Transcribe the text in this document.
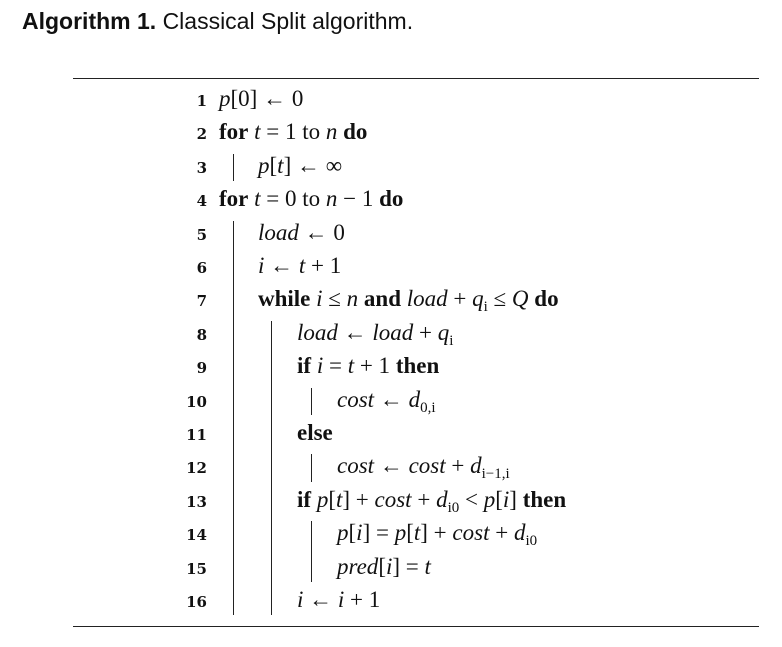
Algorithm 1. Classical Split algorithm.
1 p[0] ← 0
2 for t = 1 to n do
3 p[t] ← ∞
4 for t = 0 to n − 1 do
5 load ← 0
6 i ← t + 1
7 while i ≤ n and load + $q_i \le Q$ do
8	load ← load + $q_i$
9	if i = t + 1 then
10	cost ← $d_{0,i}$
11	else
12	cost ← $\cos t + d_{i-1,i}$
13	if $p[t] + \cos t + d_{i0} < p[i]$ then
14	$p[i] = p[t] + \cos t + d_{i0}$
15	pred[i] = t
16	i ← i + 1
